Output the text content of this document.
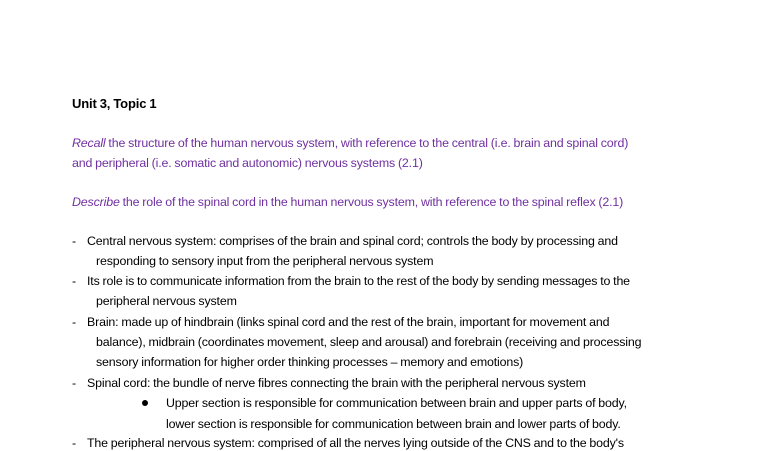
Unit 3, Topic 1
Recall the structure of the human nervous system, with reference to the central (i.e. brain and spinal cord)
and peripheral (i.e. somatic and autonomic) nervous systems (2.1)
Describe the role of the spinal cord in the human nervous system, with reference to the spinal reflex (2.1)
- Central nervous system: comprises of the brain and spinal cord; controls the body by processing and
responding to sensory input from the peripheral nervous system
- Its role is to communicate information from the brain to the rest of the body by sending messages to the
peripheral nervous system
- Brain: made up of hindbrain (links spinal cord and the rest of the brain, important for movement and
balance), midbrain (coordinates movement, sleep and arousal) and forebrain (receiving and processing
sensory information for higher order thinking processes – memory and emotions)
- Spinal cord: the bundle of nerve fibres connecting the brain with the peripheral nervous system
Upper section is responsible for communication between brain and upper parts of body,
lower section is responsible for communication between brain and lower parts of body.
- The peripheral nervous system: comprised of all the nerves lying outside of the CNS and to the body's
